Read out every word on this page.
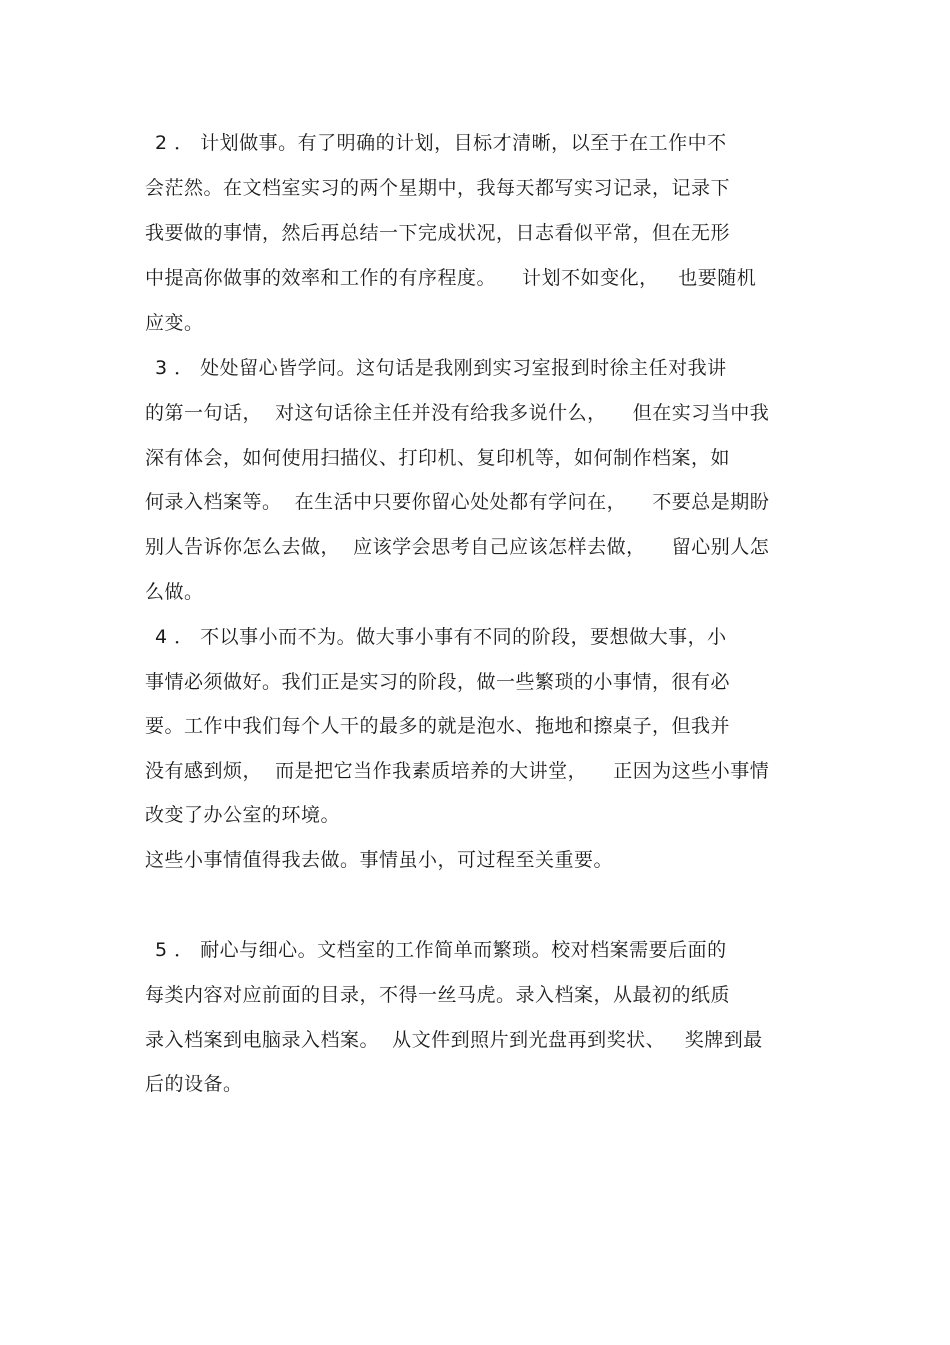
2 ． 计划做事。有了明确的计划，目标才清晰，以至于在工作中不
会茫然。在文档室实习的两个星期中，我每天都写实习记录，记录下
我要做的事情，然后再总结一下完成状况，日志看似平常，但在无形
中提高你做事的效率和工作的有序程度。    计划不如变化，   也要随机
应变。
3 ． 处处留心皆学问。这句话是我刚到实习室报到时徐主任对我讲
的第一句话，  对这句话徐主任并没有给我多说什么，    但在实习当中我
深有体会，如何使用扫描仪、打印机、复印机等，如何制作档案，如
何录入档案等。  在生活中只要你留心处处都有学问在，    不要总是期盼
别人告诉你怎么去做，  应该学会思考自己应该怎样去做，    留心别人怎
么做。
4 ． 不以事小而不为。做大事小事有不同的阶段，要想做大事，小
事情必须做好。我们正是实习的阶段，做一些繁琐的小事情，很有必
要。工作中我们每个人干的最多的就是泡水、拖地和擦桌子，但我并
没有感到烦，  而是把它当作我素质培养的大讲堂，    正因为这些小事情
改变了办公室的环境。
这些小事情值得我去做。事情虽小，可过程至关重要。
5 ． 耐心与细心。文档室的工作简单而繁琐。校对档案需要后面的
每类内容对应前面的目录，不得一丝马虎。录入档案，从最初的纸质
录入档案到电脑录入档案。  从文件到照片到光盘再到奖状、   奖牌到最
后的设备。
